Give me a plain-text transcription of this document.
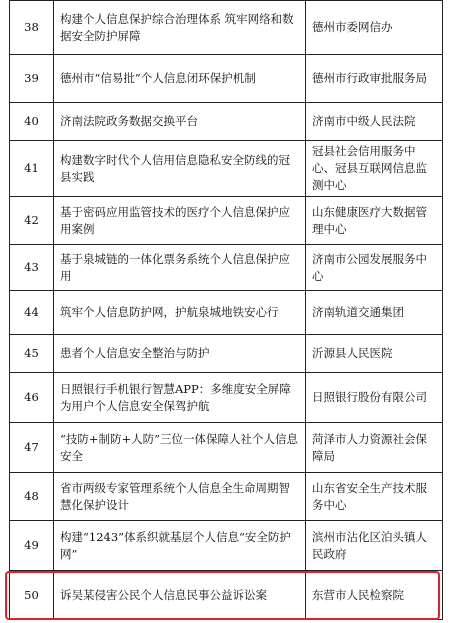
38	构建个人信息保护综合治理体系 筑牢网络和数据安全防护屏障	德州市委网信办
39	德州市“信易批”个人信息闭环保护机制	德州市行政审批服务局
40	济南法院政务数据交换平台	济南市中级人民法院
41	构建数字时代个人信用信息隐私安全防线的冠县实践	冠县社会信用服务中心、冠县互联网信息监测中心
42	基于密码应用监管技术的医疗个人信息保护应用案例	山东健康医疗大数据管理中心
43	基于泉城链的一体化票务系统个人信息保护应用	济南市公园发展服务中心
44	筑牢个人信息防护网，护航泉城地铁安心行	济南轨道交通集团
45	患者个人信息安全整治与防护	沂源县人民医院
46	日照银行手机银行智慧APP：多维度安全屏障为用户个人信息安全保驾护航	日照银行股份有限公司
47	“技防+制防+人防”三位一体保障人社个人信息安全	菏泽市人力资源社会保障局
48	省市两级专家管理系统个人信息全生命周期智慧化保护设计	山东省安全生产技术服务中心
49	构建“1243”体系织就基层个人信息“安全防护网”	滨州市沾化区泊头镇人民政府
50	诉吴某侵害公民个人信息民事公益诉讼案	东营市人民检察院
